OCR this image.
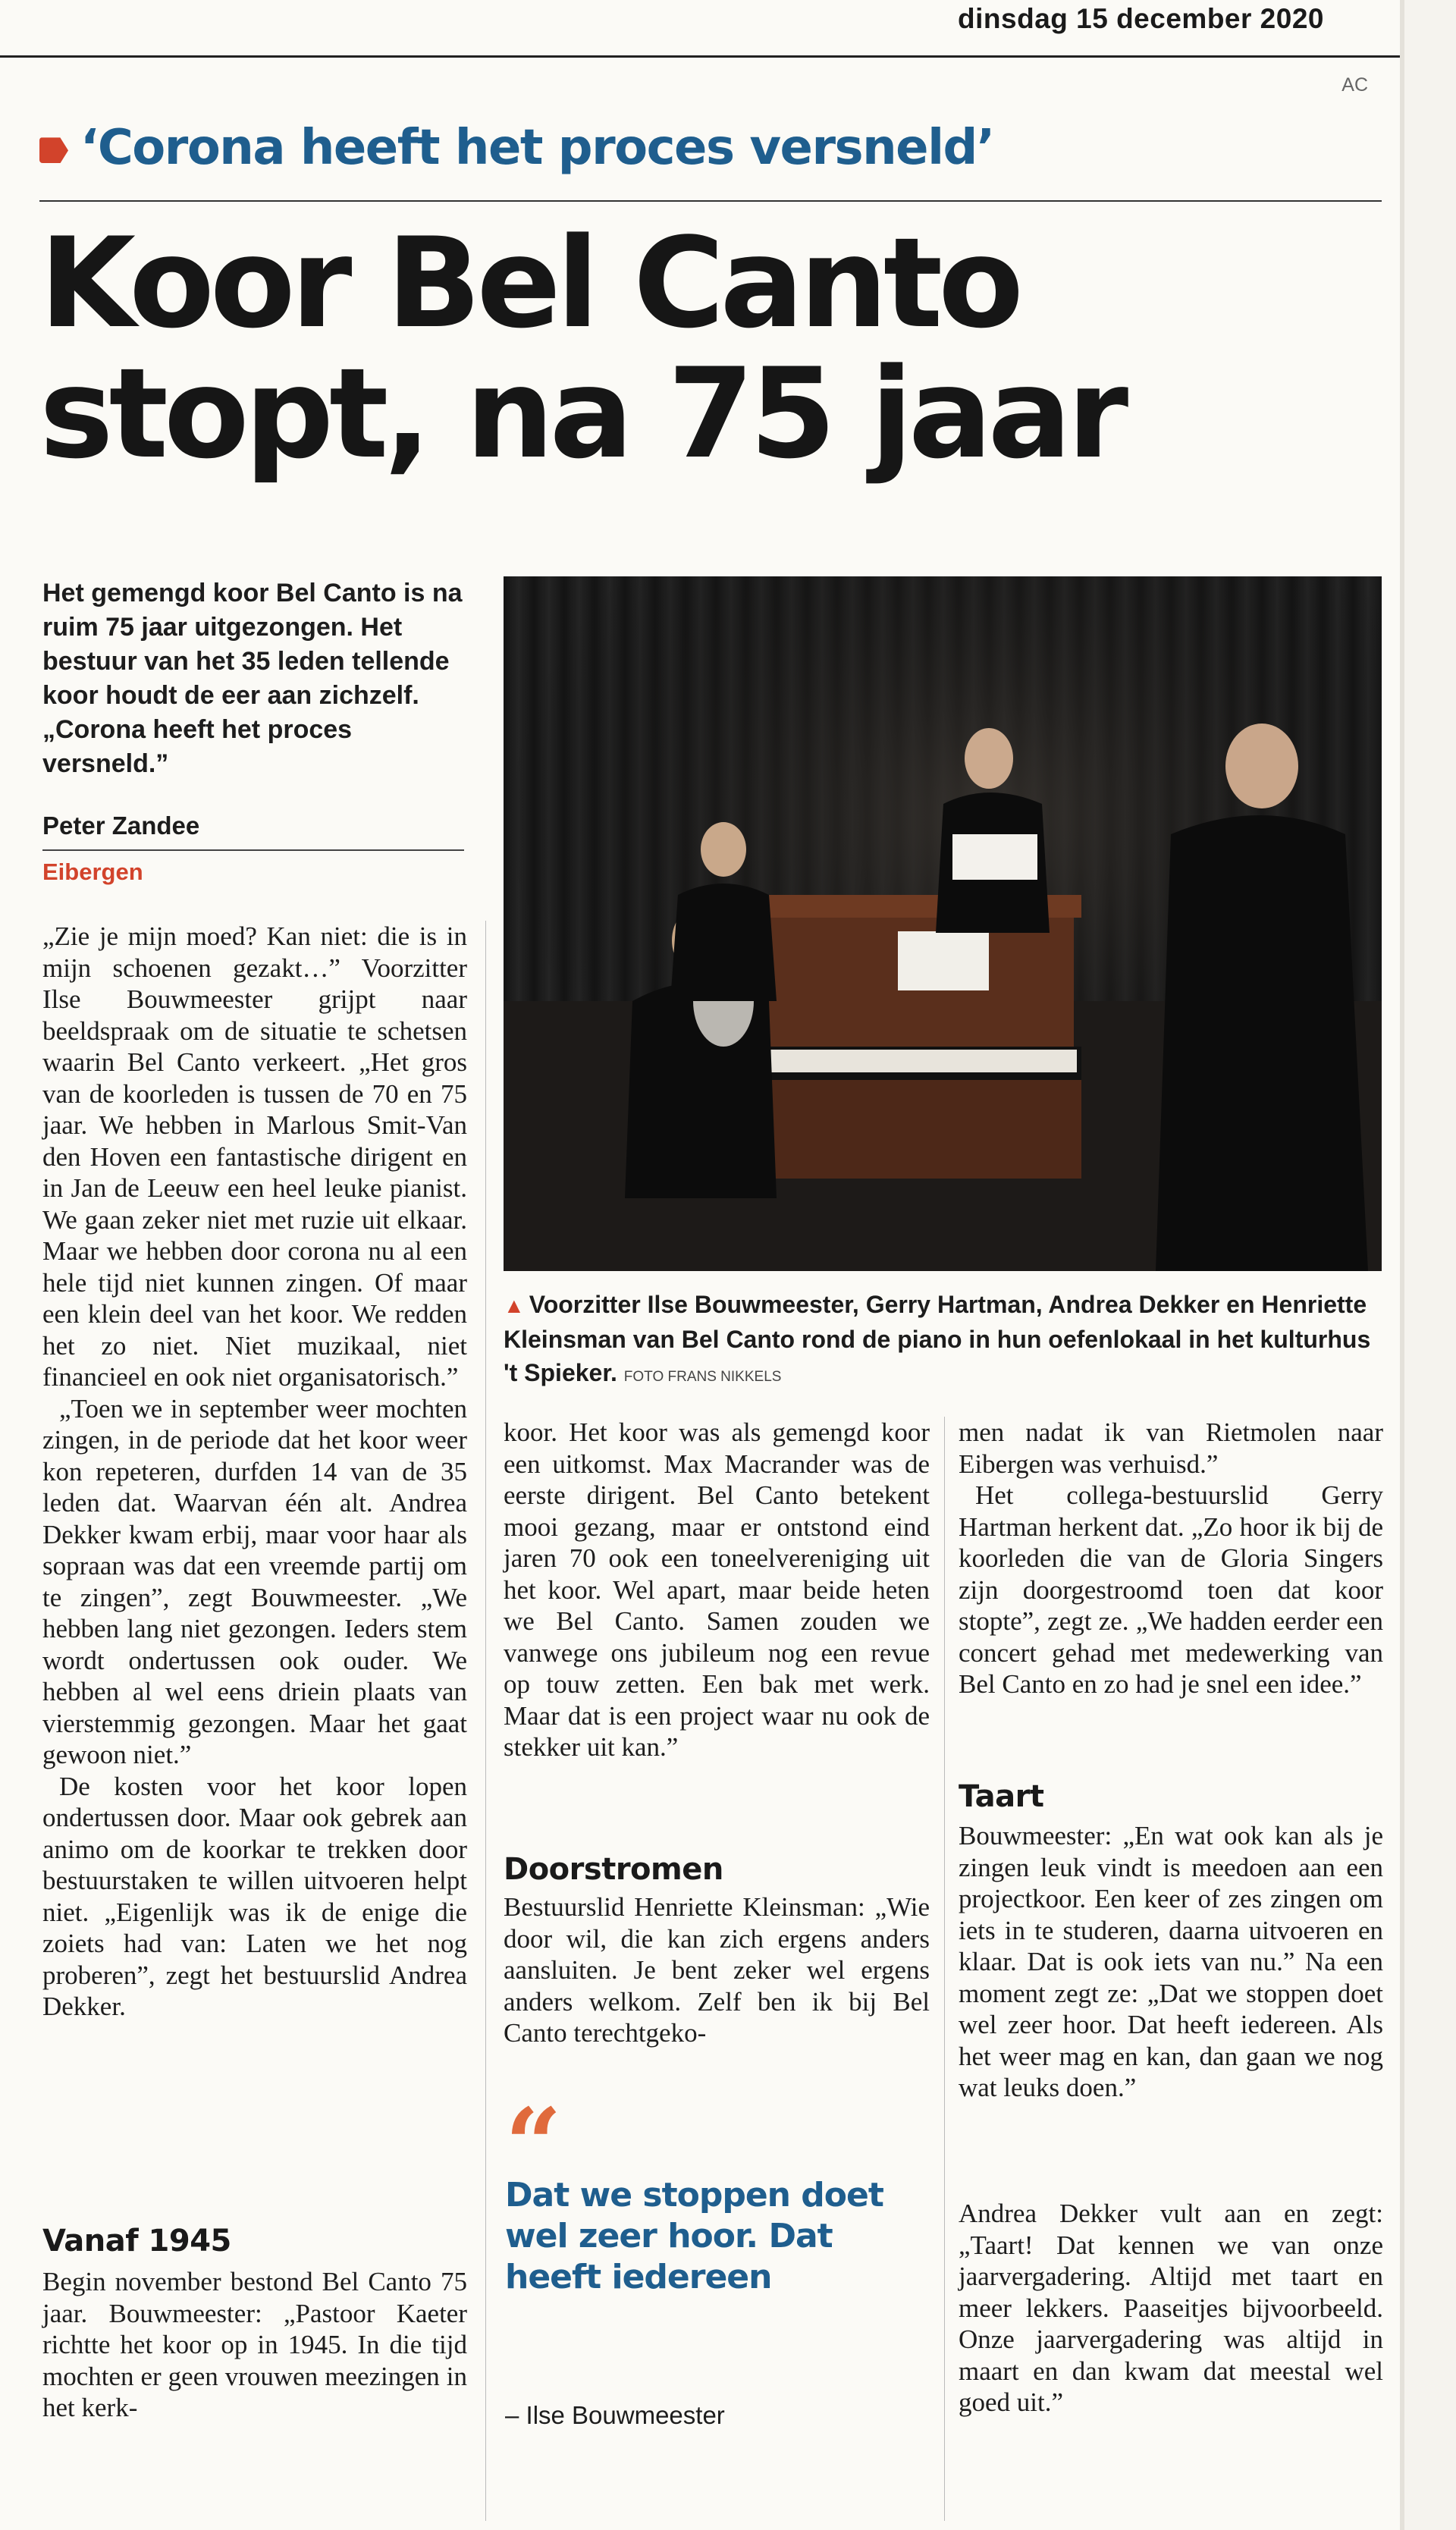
dinsdag 15 december 2020
AC
‘Corona heeft het proces versneld’
Koor Bel Canto
stopt, na 75 jaar
Het gemengd koor Bel Canto is na ruim 75 jaar uitgezongen. Het bestuur van het 35 leden tellende koor houdt de eer aan zichzelf. „Corona heeft het proces versneld.”
Peter Zandee
Eibergen
▲ Voorzitter Ilse Bouwmeester, Gerry Hartman, Andrea Dekker en Henriette Kleinsman van Bel Canto rond de piano in hun oefenlokaal in het kulturhus 't Spieker. FOTO FRANS NIKKELS

„Zie je mijn moed? Kan niet: die is in mijn schoenen gezakt…” Voorzitter Ilse Bouwmeester grijpt naar beeldspraak om de situatie te schetsen waarin Bel Canto verkeert. „Het gros van de koorleden is tussen de 70 en 75 jaar. We hebben in Marlous Smit-Van den Hoven een fantastische dirigent en in Jan de Leeuw een heel leuke pianist. We gaan zeker niet met ruzie uit elkaar. Maar we hebben door corona nu al een hele tijd niet kunnen zingen. Of maar een klein deel van het koor. We redden het zo niet. Niet muzikaal, niet financieel en ook niet organisatorisch.”

„Toen we in september weer mochten zingen, in de periode dat het koor weer kon repeteren, durfden 14 van de 35 leden dat. Waarvan één alt. Andrea Dekker kwam erbij, maar voor haar als sopraan was dat een vreemde partij om te zingen”, zegt Bouwmeester. „We hebben lang niet gezongen. Ieders stem wordt ondertussen ook ouder. We hebben al wel eens driein plaats van vierstemmig gezongen. Maar het gaat gewoon niet.”

De kosten voor het koor lopen ondertussen door. Maar ook gebrek aan animo om de koorkar te trekken door bestuurstaken te willen uitvoeren helpt niet. „Eigenlijk was ik de enige die zoiets had van: Laten we het nog proberen”, zegt het bestuurslid Andrea Dekker.

Vanaf 1945
Begin november bestond Bel Canto 75 jaar. Bouwmeester: „Pastoor Kaeter richtte het koor op in 1945. In die tijd mochten er geen vrouwen meezingen in het kerk-

koor. Het koor was als gemengd koor een uitkomst. Max Macrander was de eerste dirigent. Bel Canto betekent mooi gezang, maar er ontstond eind jaren 70 ook een toneelvereniging uit het koor. Wel apart, maar beide heten we Bel Canto. Samen zouden we vanwege ons jubileum nog een revue op touw zetten. Een bak met werk. Maar dat is een project waar nu ook de stekker uit kan.”

Doorstromen
Bestuurslid Henriette Kleinsman: „Wie door wil, die kan zich ergens anders aansluiten. Je bent zeker wel ergens anders welkom. Zelf ben ik bij Bel Canto terechtgeko-
“
Dat we stoppen doet wel zeer hoor. Dat heeft iedereen
– Ilse Bouwmeester

men nadat ik van Rietmolen naar Eibergen was verhuisd.”

Het collega-bestuurslid Gerry Hartman herkent dat. „Zo hoor ik bij de koorleden die van de Gloria Singers zijn doorgestroomd toen dat koor stopte”, zegt ze. „We hadden eerder een concert gehad met medewerking van Bel Canto en zo had je snel een idee.”

Taart
Bouwmeester: „En wat ook kan als je zingen leuk vindt is meedoen aan een projectkoor. Een keer of zes zingen om iets in te studeren, daarna uitvoeren en klaar. Dat is ook iets van nu.” Na een moment zegt ze: „Dat we stoppen doet wel zeer hoor. Dat heeft iedereen. Als het weer mag en kan, dan gaan we nog wat leuks doen.”
Andrea Dekker vult aan en zegt: „Taart! Dat kennen we van onze jaarvergadering. Altijd met taart en meer lekkers. Paaseitjes bijvoorbeeld. Onze jaarvergadering was altijd in maart en dan kwam dat meestal wel goed uit.”
